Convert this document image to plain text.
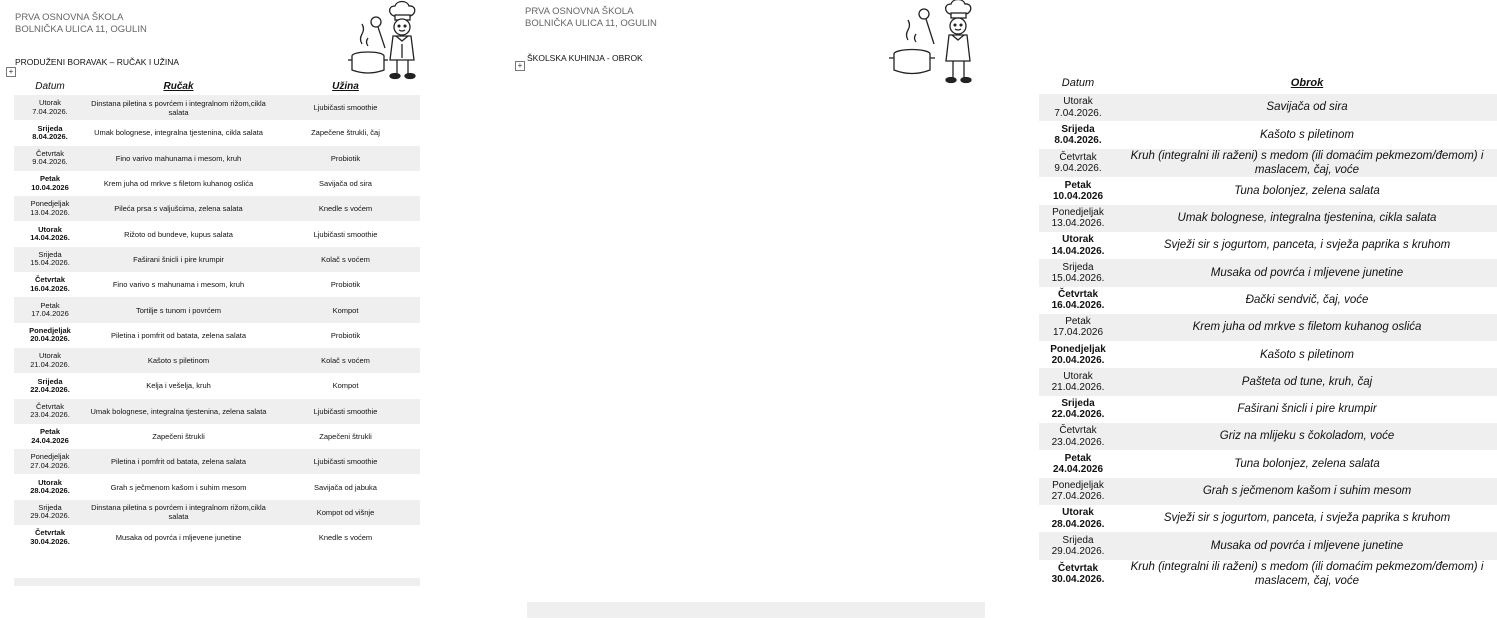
PRVA OSNOVNA ŠKOLA
BOLNIČKA ULICA 11, OGULIN
PRODUŽENI BORAVAK – RUČAK I UŽINA
+
Datum	Ručak	Užina

Utorak
7.04.2026.	Dinstana piletina s povrćem i integralnom rižom,cikla salata	Ljubičasti smoothie

Srijeda
8.04.2026.	Umak bolognese, integralna tjestenina, cikla salata	Zapečene štrukli, čaj

Četvrtak
9.04.2026.	Fino varivo mahunama i mesom, kruh	Probiotik

Petak
10.04.2026	Krem juha od mrkve s filetom kuhanog oslića	Savijača od sira

Ponedjeljak
13.04.2026.	Pileća prsa s valjušcima, zelena salata	Knedle s voćem

Utorak
14.04.2026.	Rižoto od bundeve, kupus salata	Ljubičasti smoothie

Srijeda
15.04.2026.	Faširani šnicli i pire krumpir	Kolač s voćem

Četvrtak
16.04.2026.	Fino varivo s mahunama i mesom, kruh	Probiotik

Petak
17.04.2026	Tortilje s tunom i povrćem	Kompot

Ponedjeljak
20.04.2026.	Piletina i pomfrit od batata, zelena salata	Probiotik

Utorak
21.04.2026.	Kašoto s piletinom	Kolač s voćem

Srijeda
22.04.2026.	Kelja i vešelja, kruh	Kompot

Četvrtak
23.04.2026.	Umak bolognese, integralna tjestenina, zelena salata	Ljubičasti smoothie

Petak
24.04.2026	Zapečeni štrukli	Zapečeni štrukli

Ponedjeljak
27.04.2026.	Piletina i pomfrit od batata, zelena salata	Ljubičasti smoothie

Utorak
28.04.2026.	Grah s ječmenom kašom i suhim mesom	Savijača od jabuka

Srijeda
29.04.2026.	Dinstana piletina s povrćem i integralnom rižom,cikla salata	Kompot od višnje

Četvrtak
30.04.2026.	Musaka od povrća i mljevene junetine	Knedle s voćem
PRVA OSNOVNA ŠKOLA
BOLNIČKA ULICA 11, OGULIN
ŠKOLSKA KUHINJA - OBROK
+
Datum	Obrok

Utorak
7.04.2026.	Savijača od sira

Srijeda
8.04.2026.	Kašoto s piletinom

Četvrtak
9.04.2026.	Kruh (integralni ili raženi) s medom (ili domaćim pekmezom/đemom) i maslacem, čaj, voće

Petak
10.04.2026	Tuna bolonjez, zelena salata

Ponedjeljak
13.04.2026.	Umak bolognese, integralna tjestenina, cikla salata

Utorak
14.04.2026.	Svježi sir s jogurtom, panceta, i svježa paprika s kruhom

Srijeda
15.04.2026.	Musaka od povrća i mljevene junetine

Četvrtak
16.04.2026.	Đački sendvič, čaj, voće

Petak
17.04.2026	Krem juha od mrkve s filetom kuhanog oslića

Ponedjeljak
20.04.2026.	Kašoto s piletinom

Utorak
21.04.2026.	Pašteta od tune, kruh, čaj

Srijeda
22.04.2026.	Faširani šnicli i pire krumpir

Četvrtak
23.04.2026.	Griz na mlijeku s čokoladom, voće

Petak
24.04.2026	Tuna bolonjez, zelena salata

Ponedjeljak
27.04.2026.	Grah s ječmenom kašom i suhim mesom

Utorak
28.04.2026.	Svježi sir s jogurtom, panceta, i svježa paprika s kruhom

Srijeda
29.04.2026.	Musaka od povrća i mljevene junetine

Četvrtak
30.04.2026.	Kruh (integralni ili raženi) s medom (ili domaćim pekmezom/đemom) i maslacem, čaj, voće
